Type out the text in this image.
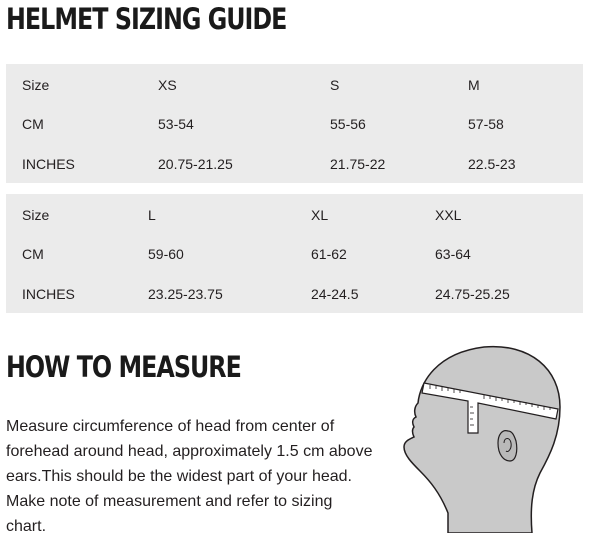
HELMET SIZING GUIDE
Size	XS	S	M
CM	53-54	55-56	57-58
INCHES	20.75-21.25	21.75-22	22.5-23
Size	L	XL	XXL
CM	59-60	61-62	63-64
INCHES	23.25-23.75	24-24.5	24.75-25.25
HOW TO MEASURE
Measure circumference of head from center of forehead around head, approximately 1.5 cm above ears.This should be the widest part of your head. Make note of measurement and refer to sizing chart.
